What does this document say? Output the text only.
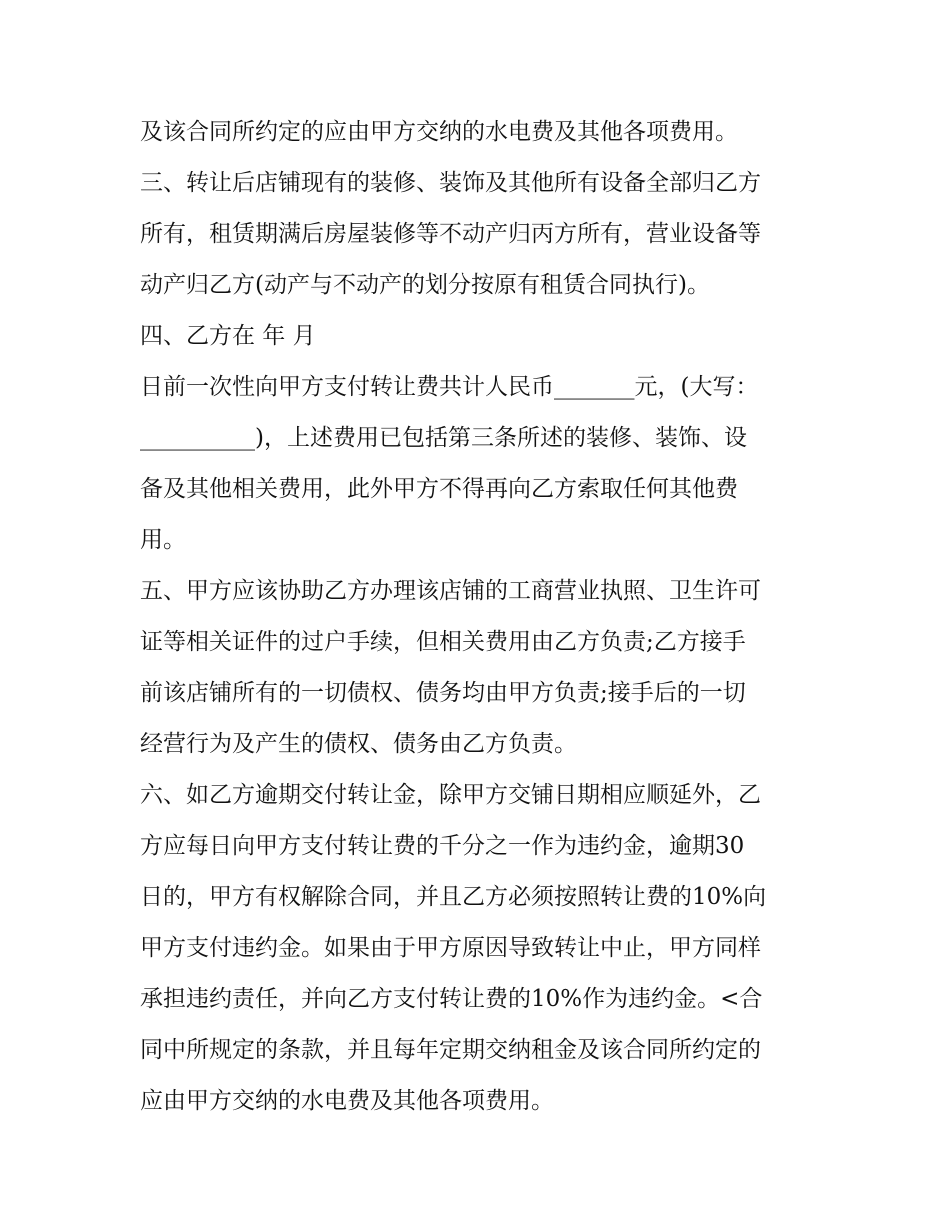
及该合同所约定的应由甲方交纳的水电费及其他各项费用。
三、转让后店铺现有的装修、装饰及其他所有设备全部归乙方
所有，租赁期满后房屋装修等不动产归丙方所有，营业设备等
动产归乙方(动产与不动产的划分按原有租赁合同执行)。
四、乙方在 年 月
日前一次性向甲方支付转让费共计人民币_______元，(大写：
__________)，上述费用已包括第三条所述的装修、装饰、设
备及其他相关费用，此外甲方不得再向乙方索取任何其他费
用。
五、甲方应该协助乙方办理该店铺的工商营业执照、卫生许可
证等相关证件的过户手续，但相关费用由乙方负责;乙方接手
前该店铺所有的一切债权、债务均由甲方负责;接手后的一切
经营行为及产生的债权、债务由乙方负责。
六、如乙方逾期交付转让金，除甲方交铺日期相应顺延外，乙
方应每日向甲方支付转让费的千分之一作为违约金，逾期30
日的，甲方有权解除合同，并且乙方必须按照转让费的10%向
甲方支付违约金。如果由于甲方原因导致转让中止，甲方同样
承担违约责任，并向乙方支付转让费的10%作为违约金。<合
同中所规定的条款，并且每年定期交纳租金及该合同所约定的
应由甲方交纳的水电费及其他各项费用。
